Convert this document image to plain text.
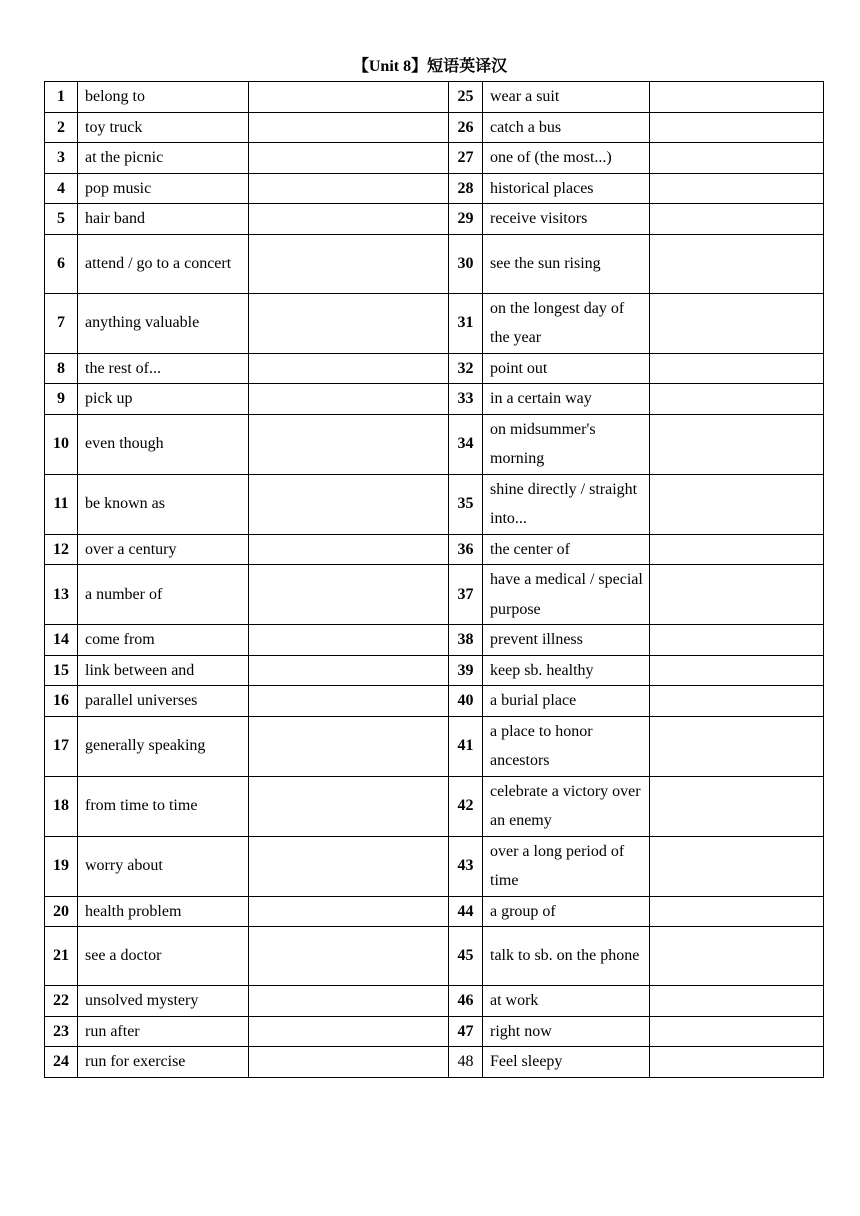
【Unit 8】短语英译汉
1	belong to		25	wear a suit	
2	toy truck		26	catch a bus	
3	at the picnic		27	one of (the most...)	
4	pop music		28	historical places	
5	hair band		29	receive visitors	
6	attend / go to a concert		30	see the sun rising	
7	anything valuable		31	on the longest day of the year	
8	the rest of...		32	point out	
9	pick up		33	in a certain way	
10	even though		34	on midsummer's morning	
11	be known as		35	shine directly / straight into...	
12	over a century		36	the center of	
13	a number of		37	have a medical / special purpose	
14	come from		38	prevent illness	
15	link between and		39	keep sb. healthy	
16	parallel universes		40	a burial place	
17	generally speaking		41	a place to honor ancestors	
18	from time to time		42	celebrate a victory over an enemy	
19	worry about		43	over a long period of time	
20	health problem		44	a group of	
21	see a doctor		45	talk to sb. on the phone	
22	unsolved mystery		46	at work	
23	run after		47	right now	
24	run for exercise		48	Feel sleepy	
